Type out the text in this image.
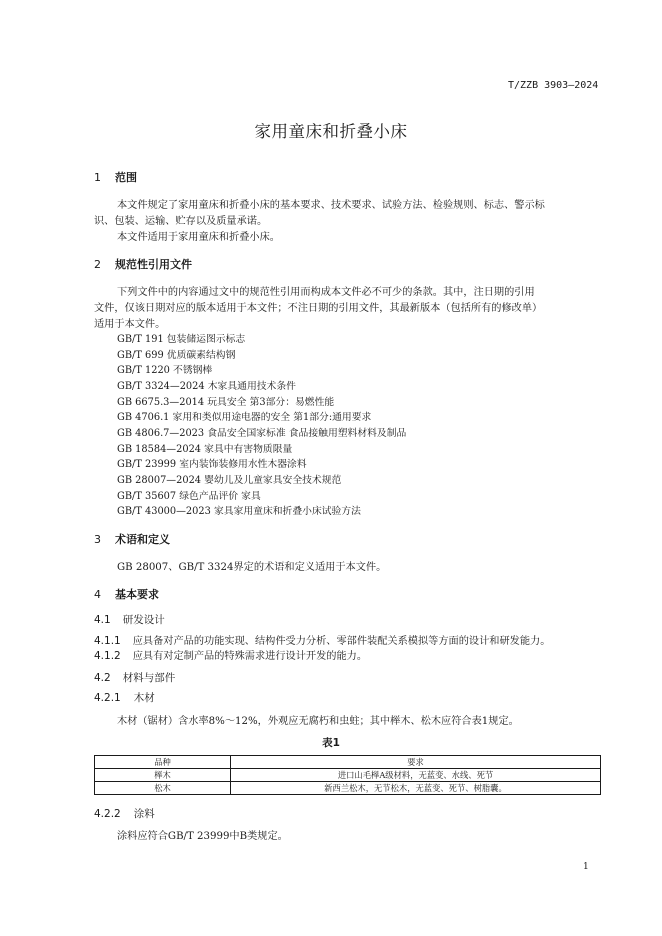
T/ZZB 3903—2024
家用童床和折叠小床
1 范围
本文件规定了家用童床和折叠小床的基本要求、技术要求、试验方法、检验规则、标志、警示标
识、包装、运输、贮存以及质量承诺。
本文件适用于家用童床和折叠小床。
2 规范性引用文件
下列文件中的内容通过文中的规范性引用而构成本文件必不可少的条款。其中，注日期的引用
文件，仅该日期对应的版本适用于本文件；不注日期的引用文件，其最新版本（包括所有的修改单）
适用于本文件。
GB/T 191 包装储运图示标志
GB/T 699 优质碳素结构钢
GB/T 1220 不锈钢棒
GB/T 3324—2024 木家具通用技术条件
GB 6675.3—2014 玩具安全 第3部分：易燃性能
GB 4706.1 家用和类似用途电器的安全 第1部分:通用要求
GB 4806.7—2023 食品安全国家标准 食品接触用塑料材料及制品
GB 18584—2024 家具中有害物质限量
GB/T 23999 室内装饰装修用水性木器涂料
GB 28007—2024 婴幼儿及儿童家具安全技术规范
GB/T 35607 绿色产品评价 家具
GB/T 43000—2023 家具家用童床和折叠小床试验方法
3 术语和定义
GB 28007、GB/T 3324界定的术语和定义适用于本文件。
4 基本要求
4.1 研发设计
4.1.1 应具备对产品的功能实现、结构件受力分析、零部件装配关系模拟等方面的设计和研发能力。
4.1.2 应具有对定制产品的特殊需求进行设计开发的能力。
4.2 材料与部件
4.2.1 木材
木材（锯材）含水率8%～12%，外观应无腐朽和虫蛀；其中榉木、松木应符合表1规定。
表1
品种	要求
榉木	进口山毛榉A级材料，无蓝变、水线、死节
松木	新西兰松木，无节松木，无蓝变、死节、树脂囊。
4.2.2 涂料
涂料应符合GB/T 23999中B类规定。
1
